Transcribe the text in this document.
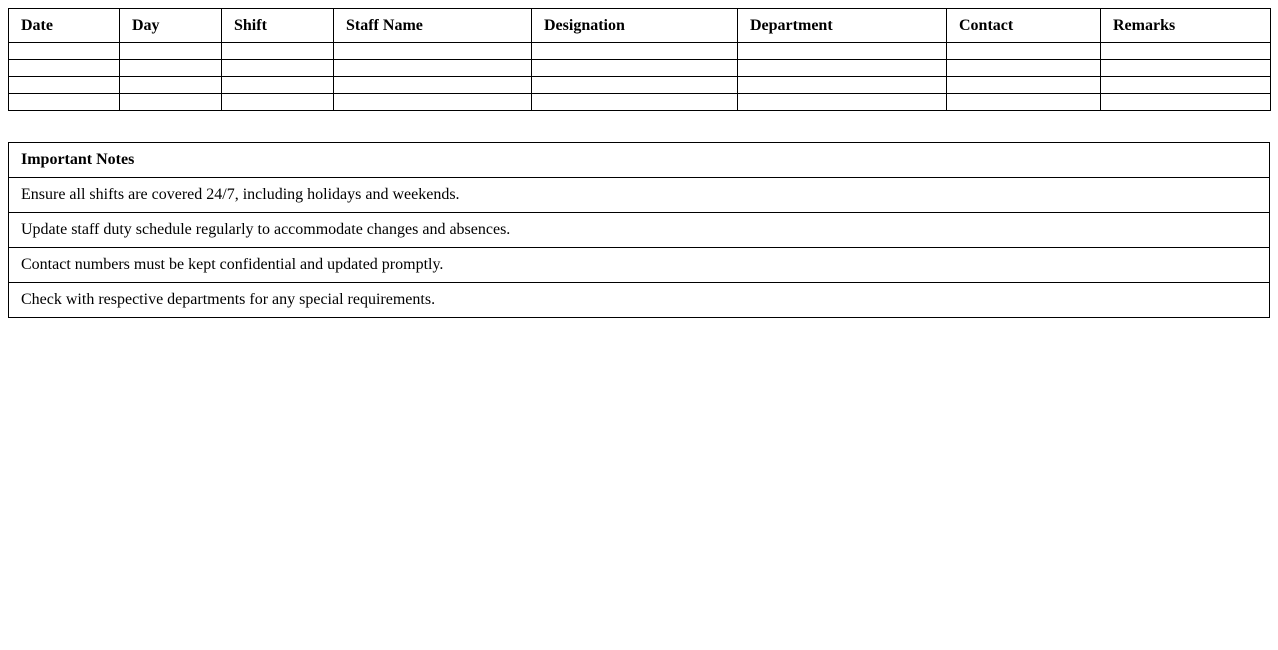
Date	Day	Shift	Staff Name	Designation	Department	Contact	Remarks

Important Notes
Ensure all shifts are covered 24/7, including holidays and weekends.
Update staff duty schedule regularly to accommodate changes and absences.
Contact numbers must be kept confidential and updated promptly.
Check with respective departments for any special requirements.
